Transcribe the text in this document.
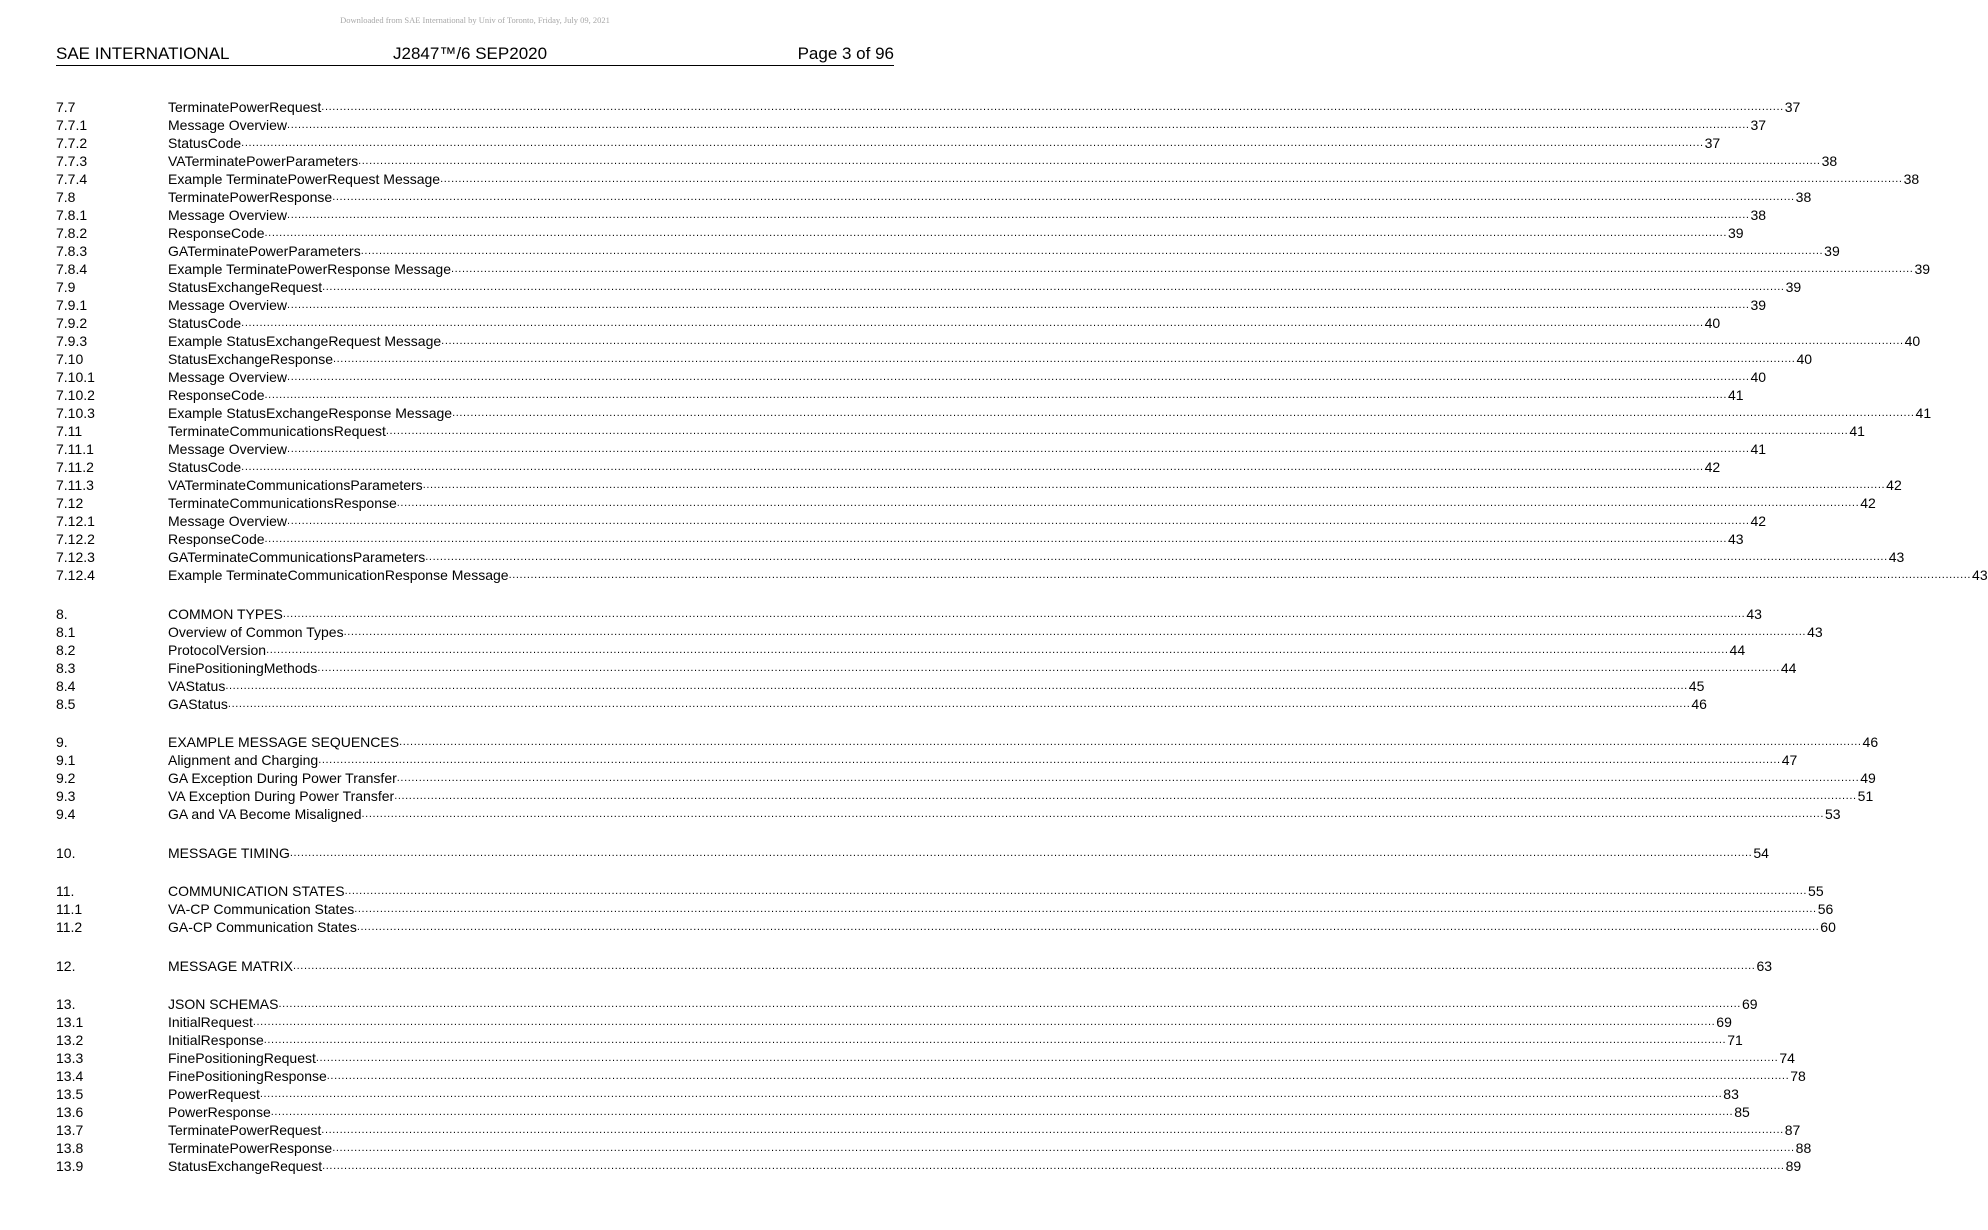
Downloaded from SAE International by Univ of Toronto, Friday, July 09, 2021
SAE INTERNATIONAL	J2847™/6 SEP2020	Page 3 of 96
7.7	TerminatePowerRequest ................................................................................................................................................................................................................................................................................................................................................................................................................ 37
7.7.1	Message Overview ................................................................................................................................................................................................................................................................................................................................................................................................................ 37
7.7.2	StatusCode ................................................................................................................................................................................................................................................................................................................................................................................................................ 37
7.7.3	VATerminatePowerParameters ................................................................................................................................................................................................................................................................................................................................................................................................................ 38
7.7.4	Example TerminatePowerRequest Message ................................................................................................................................................................................................................................................................................................................................................................................................................ 38
7.8	TerminatePowerResponse ................................................................................................................................................................................................................................................................................................................................................................................................................ 38
7.8.1	Message Overview ................................................................................................................................................................................................................................................................................................................................................................................................................ 38
7.8.2	ResponseCode ................................................................................................................................................................................................................................................................................................................................................................................................................ 39
7.8.3	GATerminatePowerParameters ................................................................................................................................................................................................................................................................................................................................................................................................................ 39
7.8.4	Example TerminatePowerResponse Message ................................................................................................................................................................................................................................................................................................................................................................................................................ 39
7.9	StatusExchangeRequest ................................................................................................................................................................................................................................................................................................................................................................................................................ 39
7.9.1	Message Overview ................................................................................................................................................................................................................................................................................................................................................................................................................ 39
7.9.2	StatusCode ................................................................................................................................................................................................................................................................................................................................................................................................................ 40
7.9.3	Example StatusExchangeRequest Message ................................................................................................................................................................................................................................................................................................................................................................................................................ 40
7.10	StatusExchangeResponse ................................................................................................................................................................................................................................................................................................................................................................................................................ 40
7.10.1	Message Overview ................................................................................................................................................................................................................................................................................................................................................................................................................ 40
7.10.2	ResponseCode ................................................................................................................................................................................................................................................................................................................................................................................................................ 41
7.10.3	Example StatusExchangeResponse Message ................................................................................................................................................................................................................................................................................................................................................................................................................ 41
7.11	TerminateCommunicationsRequest ................................................................................................................................................................................................................................................................................................................................................................................................................ 41
7.11.1	Message Overview ................................................................................................................................................................................................................................................................................................................................................................................................................ 41
7.11.2	StatusCode ................................................................................................................................................................................................................................................................................................................................................................................................................ 42
7.11.3	VATerminateCommunicationsParameters ................................................................................................................................................................................................................................................................................................................................................................................................................ 42
7.12	TerminateCommunicationsResponse ................................................................................................................................................................................................................................................................................................................................................................................................................ 42
7.12.1	Message Overview ................................................................................................................................................................................................................................................................................................................................................................................................................ 42
7.12.2	ResponseCode ................................................................................................................................................................................................................................................................................................................................................................................................................ 43
7.12.3	GATerminateCommunicationsParameters ................................................................................................................................................................................................................................................................................................................................................................................................................ 43
7.12.4	Example TerminateCommunicationResponse Message ................................................................................................................................................................................................................................................................................................................................................................................................................ 43
8.	COMMON TYPES ................................................................................................................................................................................................................................................................................................................................................................................................................ 43
8.1	Overview of Common Types ................................................................................................................................................................................................................................................................................................................................................................................................................ 43
8.2	ProtocolVersion ................................................................................................................................................................................................................................................................................................................................................................................................................ 44
8.3	FinePositioningMethods ................................................................................................................................................................................................................................................................................................................................................................................................................ 44
8.4	VAStatus ................................................................................................................................................................................................................................................................................................................................................................................................................ 45
8.5	GAStatus ................................................................................................................................................................................................................................................................................................................................................................................................................ 46
9.	EXAMPLE MESSAGE SEQUENCES ................................................................................................................................................................................................................................................................................................................................................................................................................ 46
9.1	Alignment and Charging ................................................................................................................................................................................................................................................................................................................................................................................................................ 47
9.2	GA Exception During Power Transfer ................................................................................................................................................................................................................................................................................................................................................................................................................ 49
9.3	VA Exception During Power Transfer ................................................................................................................................................................................................................................................................................................................................................................................................................ 51
9.4	GA and VA Become Misaligned ................................................................................................................................................................................................................................................................................................................................................................................................................ 53
10.	MESSAGE TIMING ................................................................................................................................................................................................................................................................................................................................................................................................................ 54
11.	COMMUNICATION STATES ................................................................................................................................................................................................................................................................................................................................................................................................................ 55
11.1	VA-CP Communication States ................................................................................................................................................................................................................................................................................................................................................................................................................ 56
11.2	GA-CP Communication States ................................................................................................................................................................................................................................................................................................................................................................................................................ 60
12.	MESSAGE MATRIX ................................................................................................................................................................................................................................................................................................................................................................................................................ 63
13.	JSON SCHEMAS ................................................................................................................................................................................................................................................................................................................................................................................................................ 69
13.1	InitialRequest ................................................................................................................................................................................................................................................................................................................................................................................................................ 69
13.2	InitialResponse ................................................................................................................................................................................................................................................................................................................................................................................................................ 71
13.3	FinePositioningRequest ................................................................................................................................................................................................................................................................................................................................................................................................................ 74
13.4	FinePositioningResponse ................................................................................................................................................................................................................................................................................................................................................................................................................ 78
13.5	PowerRequest ................................................................................................................................................................................................................................................................................................................................................................................................................ 83
13.6	PowerResponse ................................................................................................................................................................................................................................................................................................................................................................................................................ 85
13.7	TerminatePowerRequest ................................................................................................................................................................................................................................................................................................................................................................................................................ 87
13.8	TerminatePowerResponse ................................................................................................................................................................................................................................................................................................................................................................................................................ 88
13.9	StatusExchangeRequest ................................................................................................................................................................................................................................................................................................................................................................................................................ 89
